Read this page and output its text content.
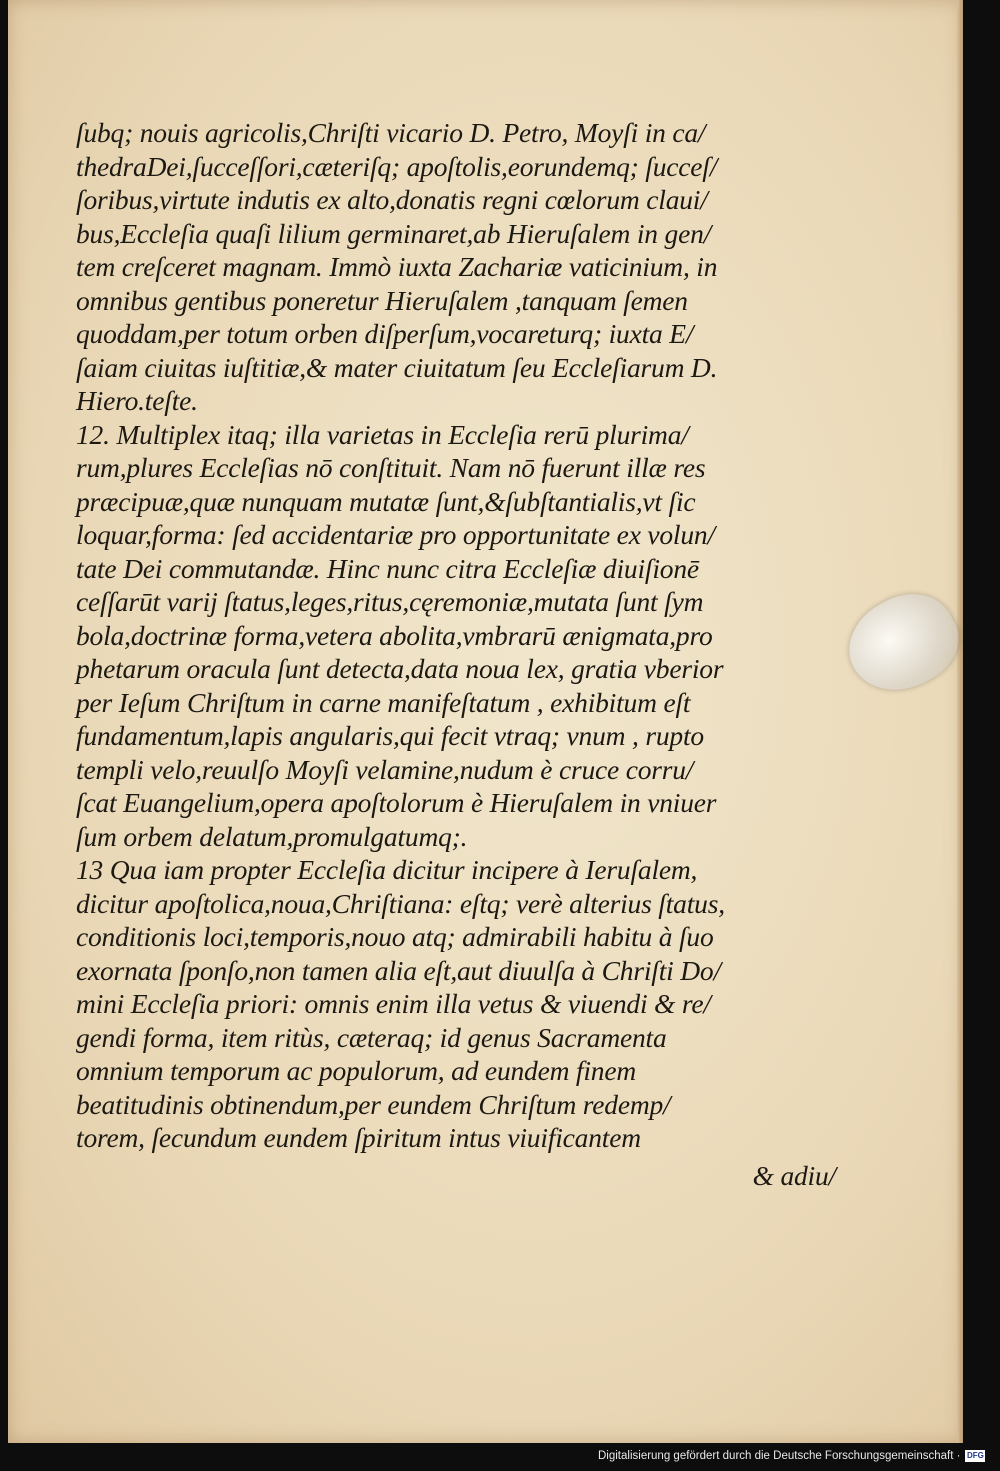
ſubq; nouis agricolis,Chriſti vicario D. Petro, Moyſi in ca/
thedraDei,ſucceſſori,cæteriſq; apoſtolis,eorundemq; ſucceſ/
ſoribus,virtute indutis ex alto,donatis regni cœlorum claui/
bus,Eccleſia quaſi lilium germinaret,ab Hieruſalem in gen/
tem creſceret magnam. Immò iuxta Zachariæ vaticinium, in
omnibus gentibus poneretur Hieruſalem ,tanquam ſemen
quoddam,per totum orben diſperſum,vocareturq; iuxta E/
ſaiam ciuitas iuſtitiæ,& mater ciuitatum ſeu Eccleſiarum D.
Hiero.teſte.
12. Multiplex itaq; illa varietas in Eccleſia rerū plurima/
rum,plures Eccleſias nō conſtituit. Nam nō fuerunt illæ res
præcipuæ,quæ nunquam mutatæ ſunt,&ſubſtantialis,vt ſic
loquar,forma: ſed accidentariæ pro opportunitate ex volun/
tate Dei commutandæ. Hinc nunc citra Eccleſiæ diuiſionē
ceſſarūt varij ſtatus,leges,ritus,cęremoniæ,mutata ſunt ſym
bola,doctrinæ forma,vetera abolita,vmbrarū ænigmata,pro
phetarum oracula ſunt detecta,data noua lex, gratia vberior
per Ieſum Chriſtum in carne manifeſtatum , exhibitum eſt
fundamentum,lapis angularis,qui fecit vtraq; vnum , rupto
templi velo,reuulſo Moyſi velamine,nudum è cruce corru/
ſcat Euangelium,opera apoſtolorum è Hieruſalem in vniuer
ſum orbem delatum,promulgatumq;.
13 Qua iam propter Eccleſia dicitur incipere à Ieruſalem,
dicitur apoſtolica,noua,Chriſtiana: eſtq; verè alterius ſtatus,
conditionis loci,temporis,nouo atq; admirabili habitu à ſuo
exornata ſponſo,non tamen alia eſt,aut diuulſa à Chriſti Do/
mini Eccleſia priori: omnis enim illa vetus & viuendi & re/
gendi forma, item ritùs, cæteraq; id genus Sacramenta
omnium temporum ac populorum, ad eundem finem
beatitudinis obtinendum,per eundem Chriſtum redemp/
torem, ſecundum eundem ſpiritum intus viuificantem
& adiu/
Digitalisierung gefördert durch die Deutsche Forschungsgemeinschaft · DFG
